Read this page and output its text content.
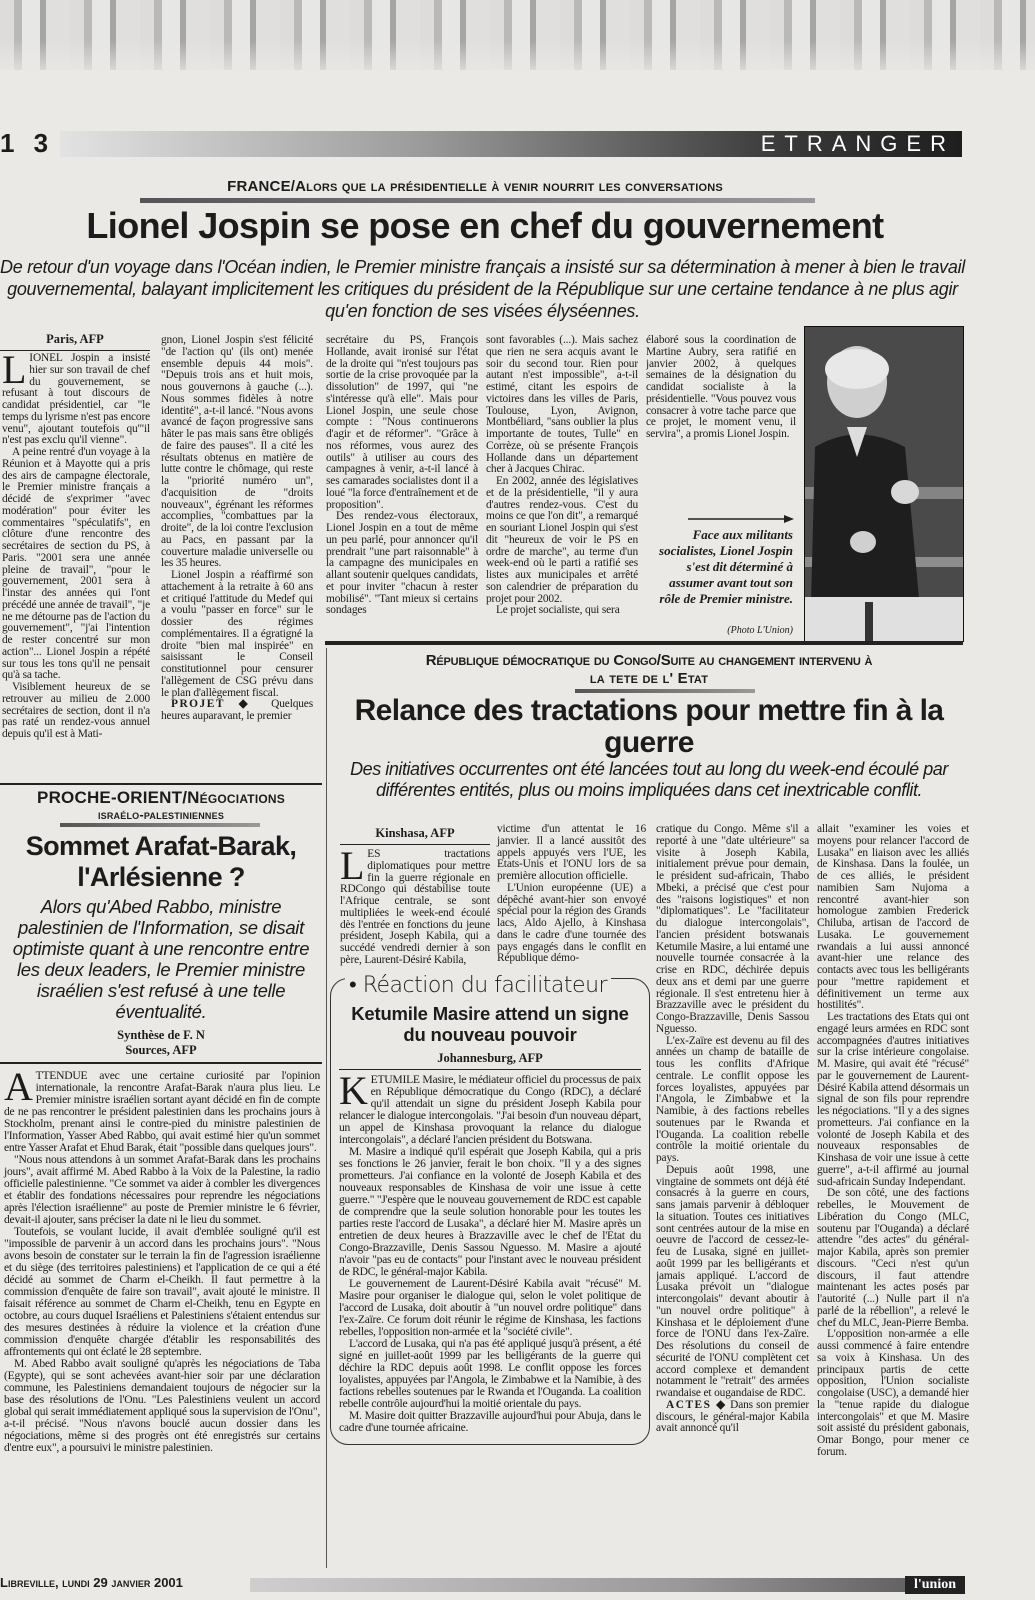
1 3	ETRANGER
FRANCE/Alors que la présidentielle à venir nourrit les conversations
Lionel Jospin se pose en chef du gouvernement
De retour d'un voyage dans l'Océan indien, le Premier ministre français a insisté sur sa détermination à mener à bien le travail gouvernemental, balayant implicitement les critiques du président de la République sur une certaine tendance à ne plus agir qu'en fonction de ses visées élyséennes.
Paris, AFP

LIONEL Jospin a insisté hier sur son travail de chef du gouvernement, se refusant à tout discours de candidat présidentiel, car "le temps du lyrisme n'est pas encore venu", ajoutant toutefois qu'"il n'est pas exclu qu'il vienne".

A peine rentré d'un voyage à la Réunion et à Mayotte qui a pris des airs de campagne électorale, le Premier ministre français a décidé de s'exprimer "avec modération" pour éviter les commentaires "spéculatifs", en clôture d'une rencontre des secrétaires de section du PS, à Paris. "2001 sera une année pleine de travail", "pour le gouvernement, 2001 sera à l'instar des années qui l'ont précédé une année de travail", "je ne me détourne pas de l'action du gouvernement", "j'ai l'intention de rester concentré sur mon action"... Lionel Jospin a répété sur tous les tons qu'il ne pensait qu'à sa tache.

Visiblement heureux de se retrouver au milieu de 2.000 secrétaires de section, dont il n'a pas raté un rendez-vous annuel depuis qu'il est à Mati-

gnon, Lionel Jospin s'est félicité "de l'action qu' (ils ont) menée ensemble depuis 44 mois". "Depuis trois ans et huit mois, nous gouvernons à gauche (...). Nous sommes fidèles à notre identité", a-t-il lancé. "Nous avons avancé de façon progressive sans hâter le pas mais sans être obligés de faire des pauses". Il a cité les résultats obtenus en matière de lutte contre le chômage, qui reste la "priorité numéro un", d'acquisition de "droits nouveaux", égrénant les réformes accomplies, "combattues par la droite", de la loi contre l'exclusion au Pacs, en passant par la couverture maladie universelle ou les 35 heures.

Lionel Jospin a réaffirmé son attachement à la retraite à 60 ans et critiqué l'attitude du Medef qui a voulu "passer en force" sur le dossier des régimes complémentaires. Il a égratigné la droite "bien mal inspirée" en saisissant le Conseil constitutionnel pour censurer l'allègement de CSG prévu dans le plan d'allègement fiscal.

PROJET ◆ Quelques heures auparavant, le premier

secrétaire du PS, François Hollande, avait ironisé sur l'état de la droite qui "n'est toujours pas sortie de la crise provoquée par la dissolution" de 1997, qui "ne s'intéresse qu'à elle". Mais pour Lionel Jospin, une seule chose compte : "Nous continuerons d'agir et de réformer". "Grâce à nos réformes, vous aurez des outils" à utiliser au cours des campagnes à venir, a-t-il lancé à ses camarades socialistes dont il a loué "la force d'entraînement et de proposition".

Des rendez-vous électoraux, Lionel Jospin en a tout de même un peu parlé, pour annoncer qu'il prendrait "une part raisonnable" à la campagne des municipales en allant soutenir quelques candidats, et pour inviter "chacun à rester mobilisé". "Tant mieux si certains sondages

sont favorables (...). Mais sachez que rien ne sera acquis avant le soir du second tour. Rien pour autant n'est impossible", a-t-il estimé, citant les espoirs de victoires dans les villes de Paris, Toulouse, Lyon, Avignon, Montbéliard, "sans oublier la plus importante de toutes, Tulle" en Corrèze, où se présente François Hollande dans un département cher à Jacques Chirac.

En 2002, année des législatives et de la présidentielle, "il y aura d'autres rendez-vous. C'est du moins ce que l'on dit", a remarqué en souriant Lionel Jospin qui s'est dit "heureux de voir le PS en ordre de marche", au terme d'un week-end où le parti a ratifié ses listes aux municipales et arrêté son calendrier de préparation du projet pour 2002.

Le projet socialiste, qui sera

élaboré sous la coordination de Martine Aubry, sera ratifié en janvier 2002, à quelques semaines de la désignation du candidat socialiste à la présidentielle. "Vous pouvez vous consacrer à votre tache parce que ce projet, le moment venu, il servira", a promis Lionel Jospin.

Face aux militants socialistes, Lionel Jospin s'est dit déterminé à assumer avant tout son rôle de Premier ministre.
(Photo L'Union)
PROCHE-ORIENT/Négociations
israélo-palestiniennes
Sommet Arafat-Barak, l'Arlésienne ?
Alors qu'Abed Rabbo, ministre palestinien de l'Information, se disait optimiste quant à une rencontre entre les deux leaders, le Premier ministre israélien s'est refusé à une telle éventualité.
Synthèse de F. N
Sources, AFP

ATTENDUE avec une certaine curiosité par l'opinion internationale, la rencontre Arafat-Barak n'aura plus lieu. Le Premier ministre israélien sortant ayant décidé en fin de compte de ne pas rencontrer le président palestinien dans les prochains jours à Stockholm, prenant ainsi le contre-pied du ministre palestinien de l'Information, Yasser Abed Rabbo, qui avait estimé hier qu'un sommet entre Yasser Arafat et Ehud Barak, était "possible dans quelques jours".

"Nous nous attendons à un sommet Arafat-Barak dans les prochains jours", avait affirmé M. Abed Rabbo à la Voix de la Palestine, la radio officielle palestinienne. "Ce sommet va aider à combler les divergences et établir des fondations nécessaires pour reprendre les négociations après l'élection israélienne" au poste de Premier ministre le 6 février, devait-il ajouter, sans préciser la date ni le lieu du sommet.

Toutefois, se voulant lucide, il avait d'emblée souligné qu'il est "impossible de parvenir à un accord dans les prochains jours". "Nous avons besoin de constater sur le terrain la fin de l'agression israélienne et du siège (des territoires palestiniens) et l'application de ce qui a été décidé au sommet de Charm el-Cheikh. Il faut permettre à la commission d'enquête de faire son travail", avait ajouté le ministre. Il faisait référence au sommet de Charm el-Cheikh, tenu en Egypte en octobre, au cours duquel Israéliens et Palestiniens s'étaient entendus sur des mesures destinées à réduire la violence et la création d'une commission d'enquête chargée d'établir les responsabilités des affrontements qui ont éclaté le 28 septembre.

M. Abed Rabbo avait souligné qu'après les négociations de Taba (Egypte), qui se sont achevées avant-hier soir par une déclaration commune, les Palestiniens demandaient toujours de négocier sur la base des résolutions de l'Onu. "Les Palestiniens veulent un accord global qui serait immédiatement appliqué sous la supervision de l'Onu", a-t-il précisé. "Nous n'avons bouclé aucun dossier dans les négociations, même si des progrès ont été enregistrés sur certains d'entre eux", a poursuivi le ministre palestinien.

République démocratique du Congo/Suite au changement intervenu à
la tete de l' Etat
Relance des tractations pour mettre fin à la guerre
Des initiatives occurrentes ont été lancées tout au long du week-end écoulé par différentes entités, plus ou moins impliquées dans cet inextricable conflit.
Kinshasa, AFP

LES tractations diplomatiques pour mettre fin la guerre régionale en RDCongo qui déstabilise toute l'Afrique centrale, se sont multipliées le week-end écoulé dès l'entrée en fonctions du jeune président, Joseph Kabila, qui a succédé vendredi dernier à son père, Laurent-Désiré Kabila,

victime d'un attentat le 16 janvier. Il a lancé aussitôt des appels appuyés vers l'UE, les Etats-Unis et l'ONU lors de sa première allocution officielle.

L'Union européenne (UE) a dépêché avant-hier son envoyé spécial pour la région des Grands lacs, Aldo Ajello, à Kinshasa dans le cadre d'une tournée des pays engagés dans le conflit en République démo-

cratique du Congo. Même s'il a reporté à une "date ultérieure" sa visite à Joseph Kabila, initialement prévue pour demain, le président sud-africain, Thabo Mbeki, a précisé que c'est pour des "raisons logistiques" et non "diplomatiques". Le "facilitateur du dialogue intercongolais", l'ancien président botswanais Ketumile Masire, a lui entamé une nouvelle tournée consacrée à la crise en RDC, déchirée depuis deux ans et demi par une guerre régionale. Il s'est entretenu hier à Brazzaville avec le président du Congo-Brazzaville, Denis Sassou Nguesso.

L'ex-Zaïre est devenu au fil des années un champ de bataille de tous les conflits d'Afrique centrale. Le conflit oppose les forces loyalistes, appuyées par l'Angola, le Zimbabwe et la Namibie, à des factions rebelles soutenues par le Rwanda et l'Ouganda. La coalition rebelle contrôle la moitié orientale du pays.

Depuis août 1998, une vingtaine de sommets ont déjà été consacrés à la guerre en cours, sans jamais parvenir à débloquer la situation. Toutes ces initiatives sont centrées autour de la mise en oeuvre de l'accord de cessez-le-feu de Lusaka, signé en juillet-août 1999 par les belligérants et jamais appliqué. L'accord de Lusaka prévoit un "dialogue intercongolais" devant aboutir à "un nouvel ordre politique" à Kinshasa et le déploiement d'une force de l'ONU dans l'ex-Zaïre. Des résolutions du conseil de sécurité de l'ONU complètent cet accord complexe et demandent notamment le "retrait" des armées rwandaise et ougandaise de RDC.

ACTES ◆ Dans son premier discours, le général-major Kabila avait annoncé qu'il

allait "examiner les voies et moyens pour relancer l'accord de Lusaka" en liaison avec les alliés de Kinshasa. Dans la foulée, un de ces alliés, le président namibien Sam Nujoma a rencontré avant-hier son homologue zambien Frederick Chiluba, artisan de l'accord de Lusaka. Le gouvernement rwandais a lui aussi annoncé avant-hier une relance des contacts avec tous les belligérants pour "mettre rapidement et définitivement un terme aux hostilités".

Les tractations des Etats qui ont engagé leurs armées en RDC sont accompagnées d'autres initiatives sur la crise intérieure congolaise. M. Masire, qui avait été "récusé" par le gouvernement de Laurent-Désiré Kabila attend désormais un signal de son fils pour reprendre les négociations. "Il y a des signes prometteurs. J'ai confiance en la volonté de Joseph Kabila et des nouveaux responsables de Kinshasa de voir une issue à cette guerre", a-t-il affirmé au journal sud-africain Sunday Independant.

De son côté, une des factions rebelles, le Mouvement de Libération du Congo (MLC, soutenu par l'Ouganda) a déclaré attendre "des actes" du général-major Kabila, après son premier discours. "Ceci n'est qu'un discours, il faut attendre maintenant les actes posés par l'autorité (...) Nulle part il n'a parlé de la rébellion", a relevé le chef du MLC, Jean-Pierre Bemba.

L'opposition non-armée a elle aussi commencé à faire entendre sa voix à Kinshasa. Un des principaux partis de cette opposition, l'Union socialiste congolaise (USC), a demandé hier la "tenue rapide du dialogue intercongolais" et que M. Masire soit assisté du président gabonais, Omar Bongo, pour mener ce forum.

• Réaction du facilitateur
Ketumile Masire attend un signe du nouveau pouvoir
Johannesburg, AFP

KETUMILE Masire, le médiateur officiel du processus de paix en République démocratique du Congo (RDC), a déclaré qu'il attendait un signe du président Joseph Kabila pour relancer le dialogue intercongolais. "J'ai besoin d'un nouveau départ, un appel de Kinshasa provoquant la relance du dialogue intercongolais", a déclaré l'ancien président du Botswana.

M. Masire a indiqué qu'il espérait que Joseph Kabila, qui a pris ses fonctions le 26 janvier, ferait le bon choix. "Il y a des signes prometteurs. J'ai confiance en la volonté de Joseph Kabila et des nouveaux responsables de Kinshasa de voir une issue à cette guerre." "J'espère que le nouveau gouvernement de RDC est capable de comprendre que la seule solution honorable pour les toutes les parties reste l'accord de Lusaka", a déclaré hier M. Masire après un entretien de deux heures à Brazzaville avec le chef de l'Etat du Congo-Brazzaville, Denis Sassou Nguesso. M. Masire a ajouté n'avoir "pas eu de contacts" pour l'instant avec le nouveau président de RDC, le général-major Kabila.

Le gouvernement de Laurent-Désiré Kabila avait "récusé" M. Masire pour organiser le dialogue qui, selon le volet politique de l'accord de Lusaka, doit aboutir à "un nouvel ordre politique" dans l'ex-Zaïre. Ce forum doit réunir le régime de Kinshasa, les factions rebelles, l'opposition non-armée et la "société civile".

L'accord de Lusaka, qui n'a pas été appliqué jusqu'à présent, a été signé en juillet-août 1999 par les belligérants de la guerre qui déchire la RDC depuis août 1998. Le conflit oppose les forces loyalistes, appuyées par l'Angola, le Zimbabwe et la Namibie, à des factions rebelles soutenues par le Rwanda et l'Ouganda. La coalition rebelle contrôle aujourd'hui la moitié orientale du pays.

M. Masire doit quitter Brazzaville aujourd'hui pour Abuja, dans le cadre d'une tournée africaine.

Libreville, lundi 29 janvier 2001	l'union
